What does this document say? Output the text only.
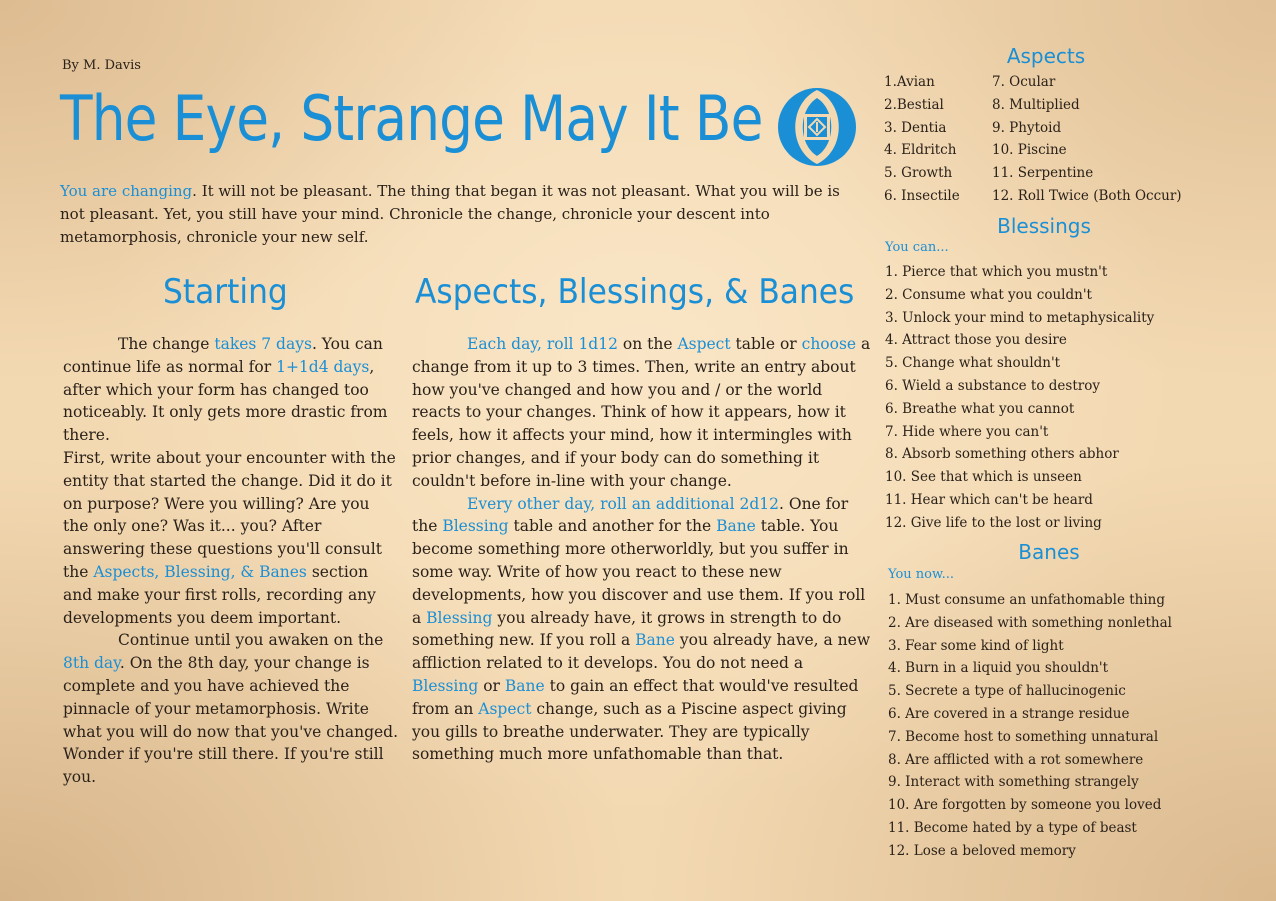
By M. Davis
The Eye, Strange May It Be
You are changing. It will not be pleasant. The thing that began it was not pleasant. What you will be is not pleasant. Yet, you still have your mind. Chronicle the change, chronicle your descent into metamorphosis, chronicle your new self.
Starting	Aspects, Blessings, & Banes

The change takes 7 days. You can continue life as normal for 1+1d4 days, after which your form has changed too noticeably. It only gets more drastic from there.

First, write about your encounter with the entity that started the change. Did it do it on purpose? Were you willing? Are you the only one? Was it... you? After answering these questions you'll consult the Aspects, Blessing, & Banes section and make your first rolls, recording any developments you deem important.

Continue until you awaken on the 8th day. On the 8th day, your change is complete and you have achieved the pinnacle of your metamorphosis. Write what you will do now that you've changed. Wonder if you're still there. If you're still you.

Each day, roll 1d12 on the Aspect table or choose a change from it up to 3 times. Then, write an entry about how you've changed and how you and / or the world reacts to your changes. Think of how it appears, how it feels, how it affects your mind, how it intermingles with prior changes, and if your body can do something it couldn't before in-line with your change.

Every other day, roll an additional 2d12. One for the Blessing table and another for the Bane table. You become something more otherworldly, but you suffer in some way. Write of how you react to these new developments, how you discover and use them. If you roll a Blessing you already have, it grows in strength to do something new. If you roll a Bane you already have, a new affliction related to it develops. You do not need a Blessing or Bane to gain an effect that would've resulted from an Aspect change, such as a Piscine aspect giving you gills to breathe underwater. They are typically something much more unfathomable than that.

Aspects
1.Avian
2.Bestial
3. Dentia
4. Eldritch
5. Growth
6. Insectile
7. Ocular
8. Multiplied
9. Phytoid
10. Piscine
11. Serpentine
12. Roll Twice (Both Occur)
Blessings
You can...
1. Pierce that which you mustn't
2. Consume what you couldn't
3. Unlock your mind to metaphysicality
4. Attract those you desire
5. Change what shouldn't
6. Wield a substance to destroy
6. Breathe what you cannot
7. Hide where you can't
8. Absorb something others abhor
10. See that which is unseen
11. Hear which can't be heard
12. Give life to the lost or living
Banes
You now...
1. Must consume an unfathomable thing
2. Are diseased with something nonlethal
3. Fear some kind of light
4. Burn in a liquid you shouldn't
5. Secrete a type of hallucinogenic
6. Are covered in a strange residue
7. Become host to something unnatural
8. Are afflicted with a rot somewhere
9. Interact with something strangely
10. Are forgotten by someone you loved
11. Become hated by a type of beast
12. Lose a beloved memory
